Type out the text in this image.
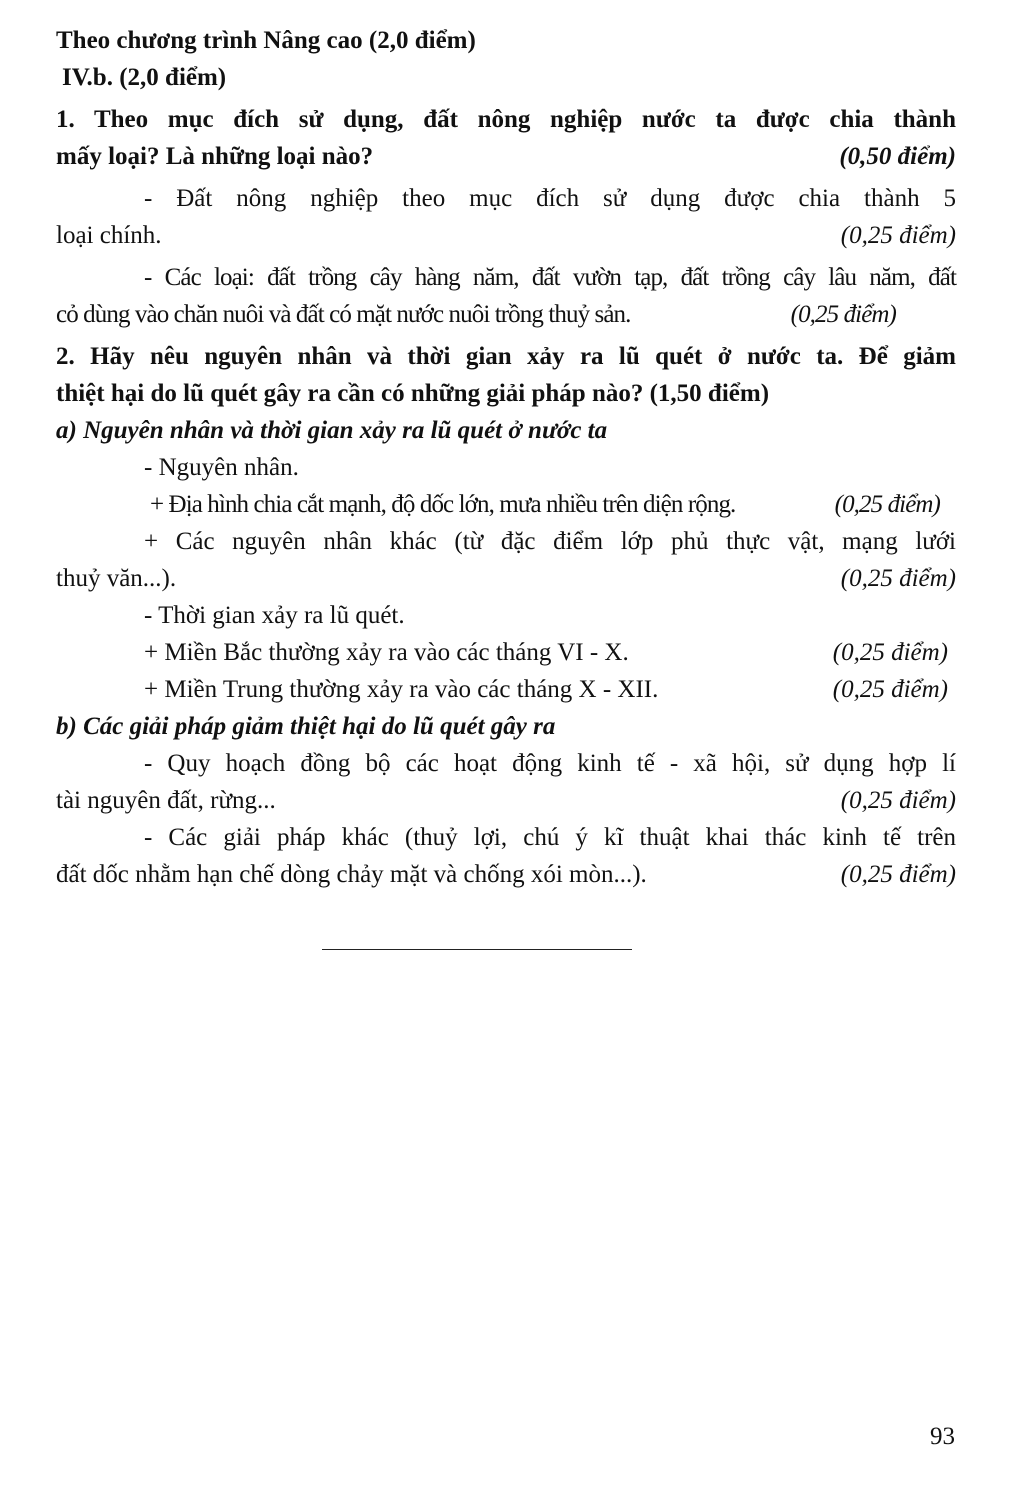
Theo chương trình Nâng cao (2,0 điểm)
IV.b. (2,0 điểm)
1. Theo mục đích sử dụng, đất nông nghiệp nước ta được chia thành
mấy loại? Là những loại nào?	(0,50 điểm)
- Đất nông nghiệp theo mục đích sử dụng được chia thành 5
loại chính.	(0,25 điểm)
- Các loại: đất trồng cây hàng năm, đất vườn tạp, đất trồng cây lâu năm, đất
cỏ dùng vào chăn nuôi và đất có mặt nước nuôi trồng thuỷ sản.	(0,25 điểm)
2. Hãy nêu nguyên nhân và thời gian xảy ra lũ quét ở nước ta. Để giảm
thiệt hại do lũ quét gây ra cần có những giải pháp nào? (1,50 điểm)
a) Nguyên nhân và thời gian xảy ra lũ quét ở nước ta
- Nguyên nhân.
+ Địa hình chia cắt mạnh, độ dốc lớn, mưa nhiều trên diện rộng.	(0,25 điểm)
+ Các nguyên nhân khác (từ đặc điểm lớp phủ thực vật, mạng lưới
thuỷ văn...).	(0,25 điểm)
- Thời gian xảy ra lũ quét.
+ Miền Bắc thường xảy ra vào các tháng VI - X.	(0,25 điểm)
+ Miền Trung thường xảy ra vào các tháng X - XII.	(0,25 điểm)
b) Các giải pháp giảm thiệt hại do lũ quét gây ra
- Quy hoạch đồng bộ các hoạt động kinh tế - xã hội, sử dụng hợp lí
tài nguyên đất, rừng...	(0,25 điểm)
- Các giải pháp khác (thuỷ lợi, chú ý kĩ thuật khai thác kinh tế trên
đất dốc nhằm hạn chế dòng chảy mặt và chống xói mòn...).	(0,25 điểm)
93
